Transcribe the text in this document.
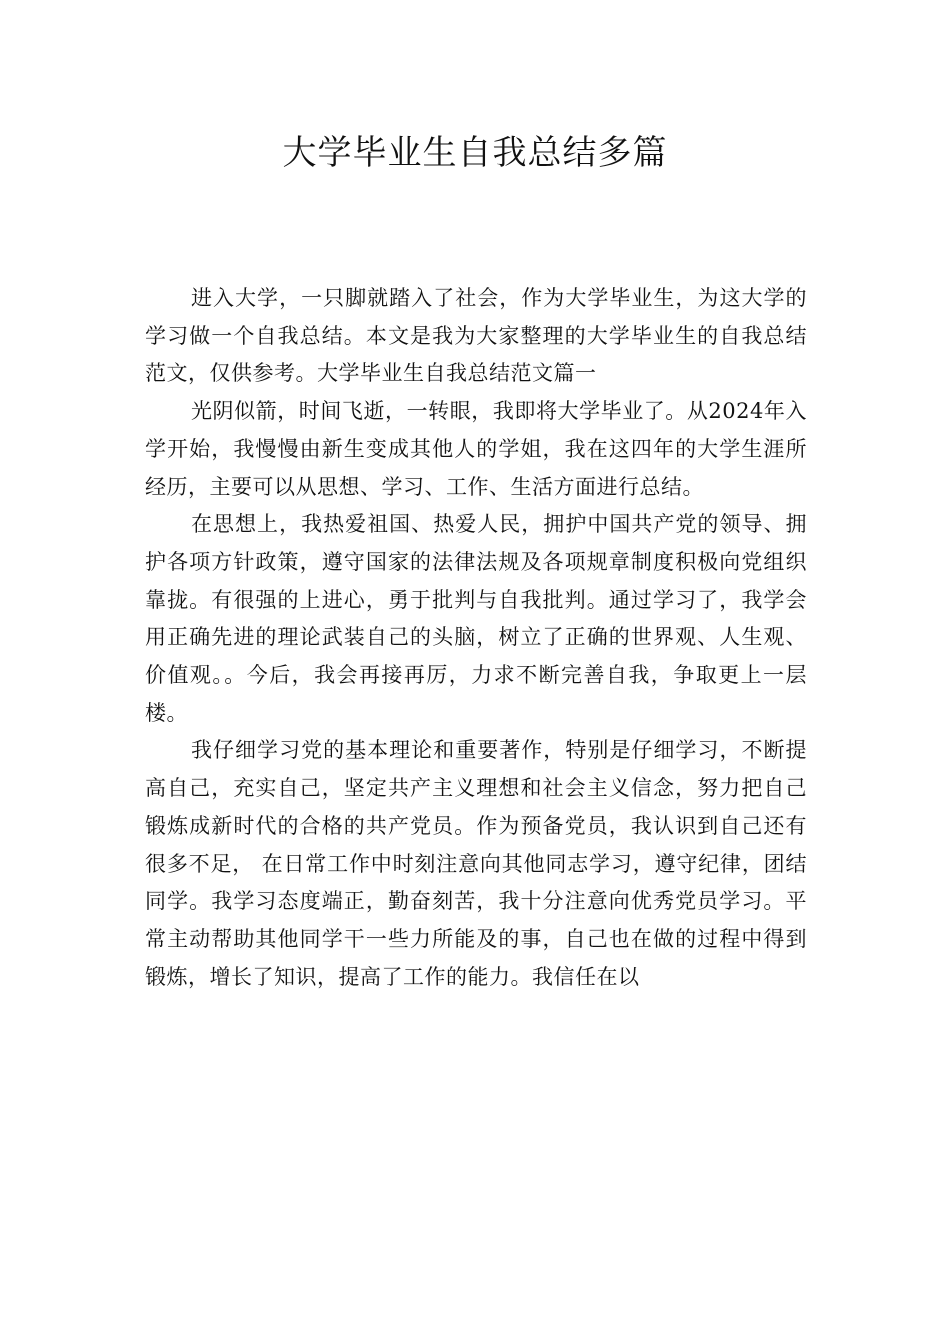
大学毕业生自我总结多篇

进入大学，一只脚就踏入了社会，作为大学毕业生，为这大学的学习做一个自我总结。本文是我为大家整理的大学毕业生的自我总结范文，仅供参考。大学毕业生自我总结范文篇一

光阴似箭，时间飞逝，一转眼，我即将大学毕业了。从2024年入学开始，我慢慢由新生变成其他人的学姐，我在这四年的大学生涯所经历，主要可以从思想、学习、工作、生活方面进行总结。

在思想上，我热爱祖国、热爱人民，拥护中国共产党的领导、拥护各项方针政策，遵守国家的法律法规及各项规章制度积极向党组织靠拢。有很强的上进心，勇于批判与自我批判。通过学习了，我学会用正确先进的理论武装自己的头脑，树立了正确的世界观、人生观、价值观。。今后，我会再接再厉，力求不断完善自我，争取更上一层楼。

我仔细学习党的基本理论和重要著作，特别是仔细学习，不断提高自己，充实自己，坚定共产主义理想和社会主义信念，努力把自己锻炼成新时代的合格的共产党员。作为预备党员，我认识到自己还有很多不足， 在日常工作中时刻注意向其他同志学习，遵守纪律，团结同学。我学习态度端正，勤奋刻苦，我十分注意向优秀党员学习。平常主动帮助其他同学干一些力所能及的事，自己也在做的过程中得到锻炼，增长了知识，提高了工作的能力。我信任在以
